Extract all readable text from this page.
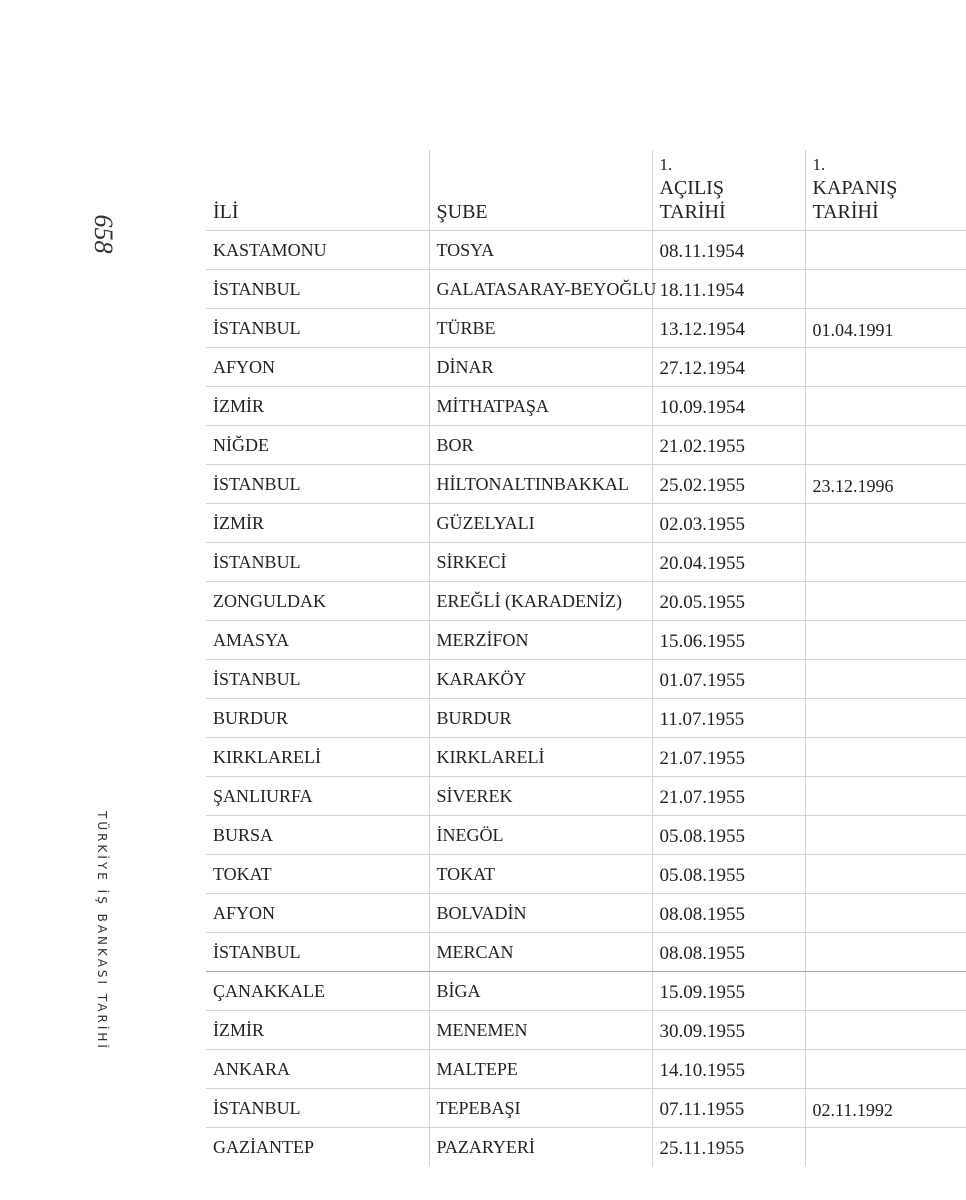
658
TÜRKİYE İŞ BANKASI TARİHİ
İLİ	ŞUBE	1.
AÇILIŞ
TARİHİ	1.
KAPANIŞ
TARİHİ

KASTAMONU	TOSYA	08.11.1954	
İSTANBUL	GALATASARAY-BEYOĞLU	18.11.1954	
İSTANBUL	TÜRBE	13.12.1954	01.04.1991
AFYON	DİNAR	27.12.1954	
İZMİR	MİTHATPAŞA	10.09.1954	
NİĞDE	BOR	21.02.1955	
İSTANBUL	HİLTONALTINBAKKAL	25.02.1955	23.12.1996
İZMİR	GÜZELYALI	02.03.1955	
İSTANBUL	SİRKECİ	20.04.1955	
ZONGULDAK	EREĞLİ (KARADENİZ)	20.05.1955	
AMASYA	MERZİFON	15.06.1955	
İSTANBUL	KARAKÖY	01.07.1955	
BURDUR	BURDUR	11.07.1955	
KIRKLARELİ	KIRKLARELİ	21.07.1955	
ŞANLIURFA	SİVEREK	21.07.1955	
BURSA	İNEGÖL	05.08.1955	
TOKAT	TOKAT	05.08.1955	
AFYON	BOLVADİN	08.08.1955	
İSTANBUL	MERCAN	08.08.1955	
ÇANAKKALE	BİGA	15.09.1955	
İZMİR	MENEMEN	30.09.1955	
ANKARA	MALTEPE	14.10.1955	
İSTANBUL	TEPEBAŞI	07.11.1955	02.11.1992
GAZİANTEP	PAZARYERİ	25.11.1955	
